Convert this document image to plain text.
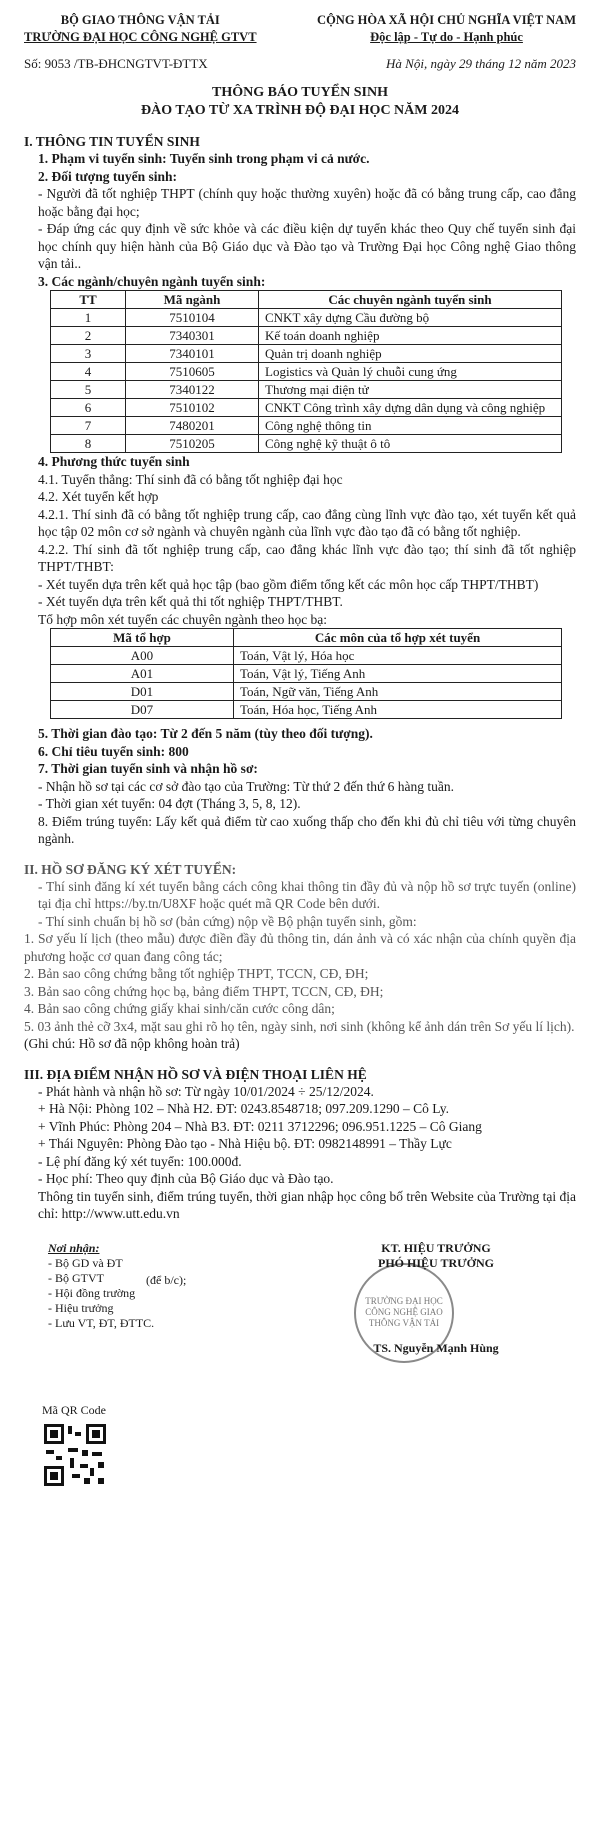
BỘ GIAO THÔNG VẬN TẢI
TRƯỜNG ĐẠI HỌC CÔNG NGHỆ GTVT
CỘNG HÒA XÃ HỘI CHỦ NGHĨA VIỆT NAM
Độc lập - Tự do - Hạnh phúc
Số: 9053 /TB-ĐHCNGTVT-ĐTTX	Hà Nội, ngày 29 tháng 12 năm 2023
THÔNG BÁO TUYỂN SINH
ĐÀO TẠO TỪ XA TRÌNH ĐỘ ĐẠI HỌC NĂM 2024
I. THÔNG TIN TUYỂN SINH

1. Phạm vi tuyển sinh: Tuyển sinh trong phạm vi cả nước.

2. Đối tượng tuyển sinh:

- Người đã tốt nghiệp THPT (chính quy hoặc thường xuyên) hoặc đã có bằng trung cấp, cao đẳng hoặc bằng đại học;

- Đáp ứng các quy định về sức khỏe và các điều kiện dự tuyển khác theo Quy chế tuyển sinh đại học chính quy hiện hành của Bộ Giáo dục và Đào tạo và Trường Đại học Công nghệ Giao thông vận tải..

3. Các ngành/chuyên ngành tuyển sinh:

TT	Mã ngành	Các chuyên ngành tuyển sinh
1	7510104	CNKT xây dựng Cầu đường bộ
2	7340301	Kế toán doanh nghiệp
3	7340101	Quản trị doanh nghiệp
4	7510605	Logistics và Quản lý chuỗi cung ứng
5	7340122	Thương mại điện tử
6	7510102	CNKT Công trình xây dựng dân dụng và công nghiệp
7	7480201	Công nghệ thông tin
8	7510205	Công nghệ kỹ thuật ô tô

4. Phương thức tuyển sinh

4.1. Tuyển thẳng: Thí sinh đã có bằng tốt nghiệp đại học

4.2. Xét tuyển kết hợp

4.2.1. Thí sinh đã có bằng tốt nghiệp trung cấp, cao đẳng cùng lĩnh vực đào tạo, xét tuyển kết quả học tập 02 môn cơ sở ngành và chuyên ngành của lĩnh vực đào tạo đã có bằng tốt nghiệp.

4.2.2. Thí sinh đã tốt nghiệp trung cấp, cao đẳng khác lĩnh vực đào tạo; thí sinh đã tốt nghiệp THPT/THBT:

- Xét tuyển dựa trên kết quả học tập (bao gồm điểm tổng kết các môn học cấp THPT/THBT)

- Xét tuyển dựa trên kết quả thi tốt nghiệp THPT/THBT.

Tổ hợp môn xét tuyển các chuyên ngành theo học bạ:

Mã tổ hợp	Các môn của tổ hợp xét tuyển
A00	Toán, Vật lý, Hóa học
A01	Toán, Vật lý, Tiếng Anh
D01	Toán, Ngữ văn, Tiếng Anh
D07	Toán, Hóa học, Tiếng Anh

5. Thời gian đào tạo: Từ 2 đến 5 năm (tùy theo đối tượng).

6. Chỉ tiêu tuyển sinh: 800

7. Thời gian tuyển sinh và nhận hồ sơ:

- Nhận hồ sơ tại các cơ sở đào tạo của Trường: Từ thứ 2 đến thứ 6 hàng tuần.

- Thời gian xét tuyển: 04 đợt (Tháng 3, 5, 8, 12).

8. Điểm trúng tuyển: Lấy kết quả điểm từ cao xuống thấp cho đến khi đủ chỉ tiêu với từng chuyên ngành.

II. HỒ SƠ ĐĂNG KÝ XÉT TUYỂN:

- Thí sinh đăng kí xét tuyển bằng cách công khai thông tin đầy đủ và nộp hồ sơ trực tuyến (online) tại địa chỉ https://by.tn/U8XF hoặc quét mã QR Code bên dưới.

- Thí sinh chuẩn bị hồ sơ (bản cứng) nộp về Bộ phận tuyển sinh, gồm:

1. Sơ yếu lí lịch (theo mẫu) được điền đầy đủ thông tin, dán ảnh và có xác nhận của chính quyền địa phương hoặc cơ quan đang công tác;

2. Bản sao công chứng bằng tốt nghiệp THPT, TCCN, CĐ, ĐH;

3. Bản sao công chứng học bạ, bảng điểm THPT, TCCN, CĐ, ĐH;

4. Bản sao công chứng giấy khai sinh/căn cước công dân;

5. 03 ảnh thẻ cỡ 3x4, mặt sau ghi rõ họ tên, ngày sinh, nơi sinh (không kể ảnh dán trên Sơ yếu lí lịch).

(Ghi chú: Hồ sơ đã nộp không hoàn trả)

III. ĐỊA ĐIỂM NHẬN HỒ SƠ VÀ ĐIỆN THOẠI LIÊN HỆ

- Phát hành và nhận hồ sơ: Từ ngày 10/01/2024 ÷ 25/12/2024.

+ Hà Nội: Phòng 102 – Nhà H2. ĐT: 0243.8548718; 097.209.1290 – Cô Ly.

+ Vĩnh Phúc: Phòng 204 – Nhà B3. ĐT: 0211 3712296; 096.951.1225 – Cô Giang

+ Thái Nguyên: Phòng Đào tạo - Nhà Hiệu bộ. ĐT: 0982148991 – Thầy Lực

- Lệ phí đăng ký xét tuyển: 100.000đ.

- Học phí: Theo quy định của Bộ Giáo dục và Đào tạo.

Thông tin tuyển sinh, điểm trúng tuyển, thời gian nhập học công bố trên Website của Trường tại địa chỉ: http://www.utt.edu.vn

Nơi nhận:
- Bộ GD và ĐT
- Bộ GTVT
- Hội đồng trường
- Hiệu trưởng
- Lưu VT, ĐT, ĐTTC.
(để b/c);
TRƯỜNG ĐẠI HỌC CÔNG NGHỆ GIAO THÔNG VẬN TẢI
KT. HIỆU TRƯỞNG
PHÓ HIỆU TRƯỞNG
TS. Nguyễn Mạnh Hùng
Mã QR Code
